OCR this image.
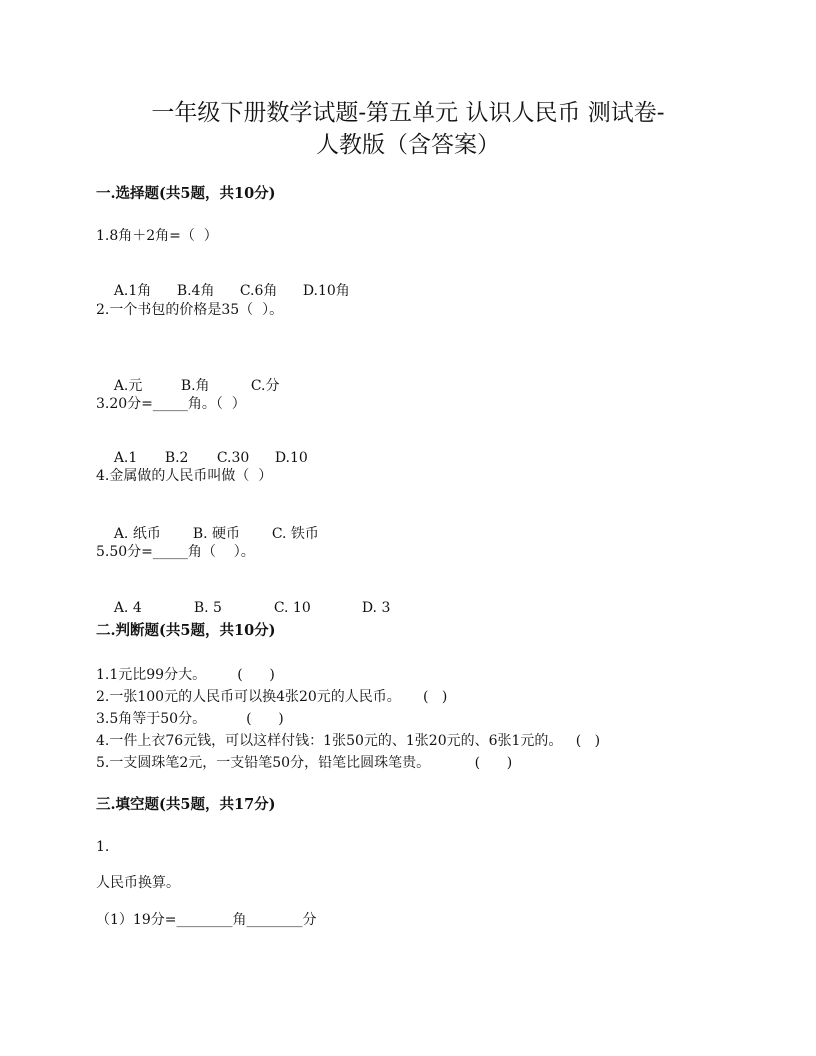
一年级下册数学试题-第五单元 认识人民币 测试卷-
人教版（含答案）
一.选择题(共5题，共10分)
1.8角＋2角=（  ）

A.1角 B.4角 C.6角 D.10角

2.一个书包的价格是35（  ）。

A.元	B.角	C.分

3.20分=_____角。（  ）

A.1 B.2 C.30 D.10

4.金属做的人民币叫做（  ）

A. 纸币 B. 硬币 C. 铁币

5.50分=_____角（    ）。

A. 4	B. 5	C. 10	D. 3

二.判断题(共5题，共10分)
1.1元比99分大。       (      )
2.一张100元的人民币可以换4张20元的人民币。     (   )
3.5角等于50分。         (      )
4.一件上衣76元钱，可以这样付钱：1张50元的、1张20元的、6张1元的。   (   )
5.一支圆珠笔2元，一支铅笔50分，铅笔比圆珠笔贵。          (      )
三.填空题(共5题，共17分)
1.
人民币换算。
（1）19分=________角________分
